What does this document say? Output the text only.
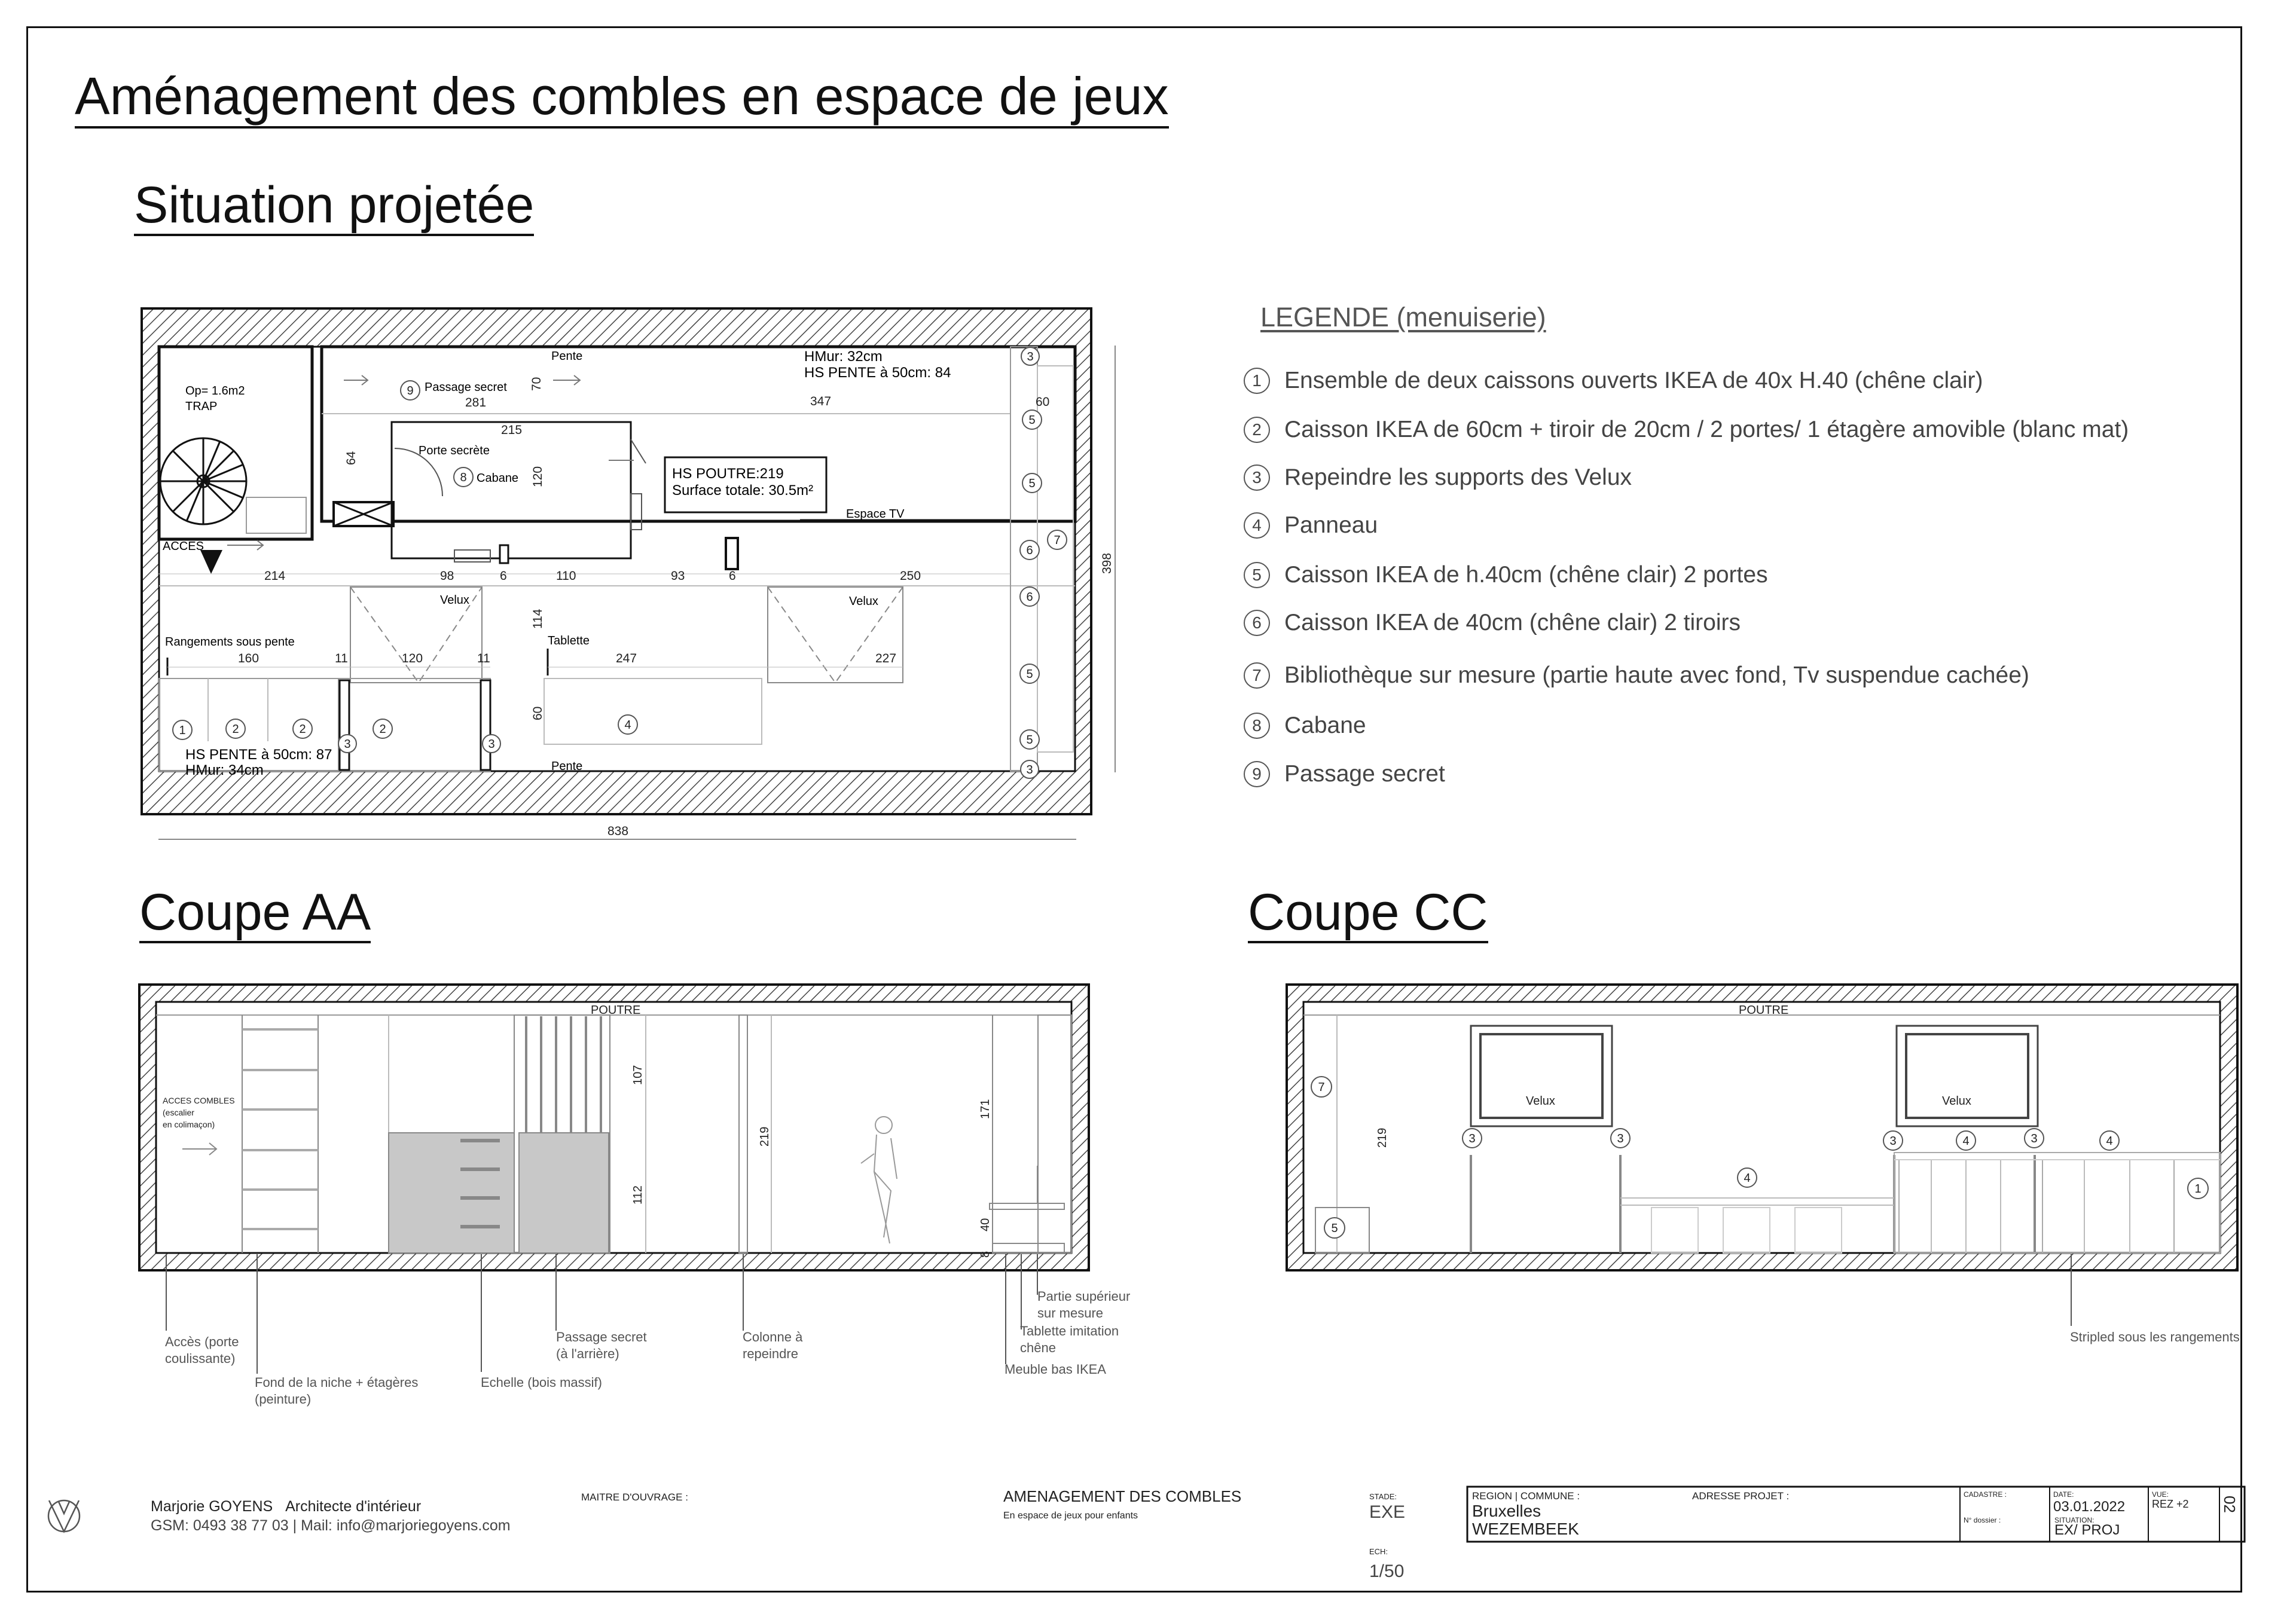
Aménagement des combles en espace de jeux
Situation projetée
Coupe AA	Coupe CC
LEGENDE (menuiserie)
1 Ensemble de deux caissons ouverts IKEA de 40x H.40 (chêne clair)
2 Caisson IKEA de 60cm + tiroir de 20cm / 2 portes/ 1 étagère amovible (blanc mat)
3 Repeindre les supports des Velux
4 Panneau
5 Caisson IKEA de h.40cm (chêne clair) 2 portes
6 Caisson IKEA de 40cm (chêne clair) 2 tiroirs
7 Bibliothèque sur mesure (partie haute avec fond, Tv suspendue cachée)
8 Cabane
9 Passage secret
Op= 1.6m2
TRAP
ACCES
Passage secret
Pente	HMur: 32cm
HS PENTE à 50cm: 84
Porte secrète
Cabane	HS POUTRE:219
Surface totale: 30.5m²
Espace TV
Velux	Velux
Rangements sous pente	Tablette
HS PENTE à 50cm: 87
HMur: 34cm	Pente
281
70
347	60
215
64
120
214	98	6	110	93	6	250
114
160	11	120	11	247	227
60
398
838
9
8
3
5
5
6
7
6
5
5
3
1	2	2	2
3	3
4
POUTRE
ACCES COMBLES
(escalier
en colimaçon)
107
112
219
171
40
8
Accès (porte
coulissante)
Fond de la niche + étagères
(peinture)
Echelle (bois massif)
Passage secret
(à l'arrière)
Colonne à
repeindre
Partie supérieur
sur mesure
Tablette imitation
chêne
Meuble bas IKEA
POUTRE
Velux	Velux
219
Stripled sous les rangements
7
5
3	3
4
3	4	3	4
1
Marjorie GOYENS Architecte d'intérieur
GSM: 0493 38 77 03 | Mail: info@marjoriegoyens.com
MAITRE D'OUVRAGE :	AMENAGEMENT DES COMBLES
En espace de jeux pour enfants
STADE:
EXE
ECH:
1/50
REGION | COMMUNE :	ADRESSE PROJET :
Bruxelles
WEZEMBEEK
CADASTRE :
N° dossier :
DATE:
03.01.2022
SITUATION:
EX/ PROJ
VUE:
REZ +2 02
